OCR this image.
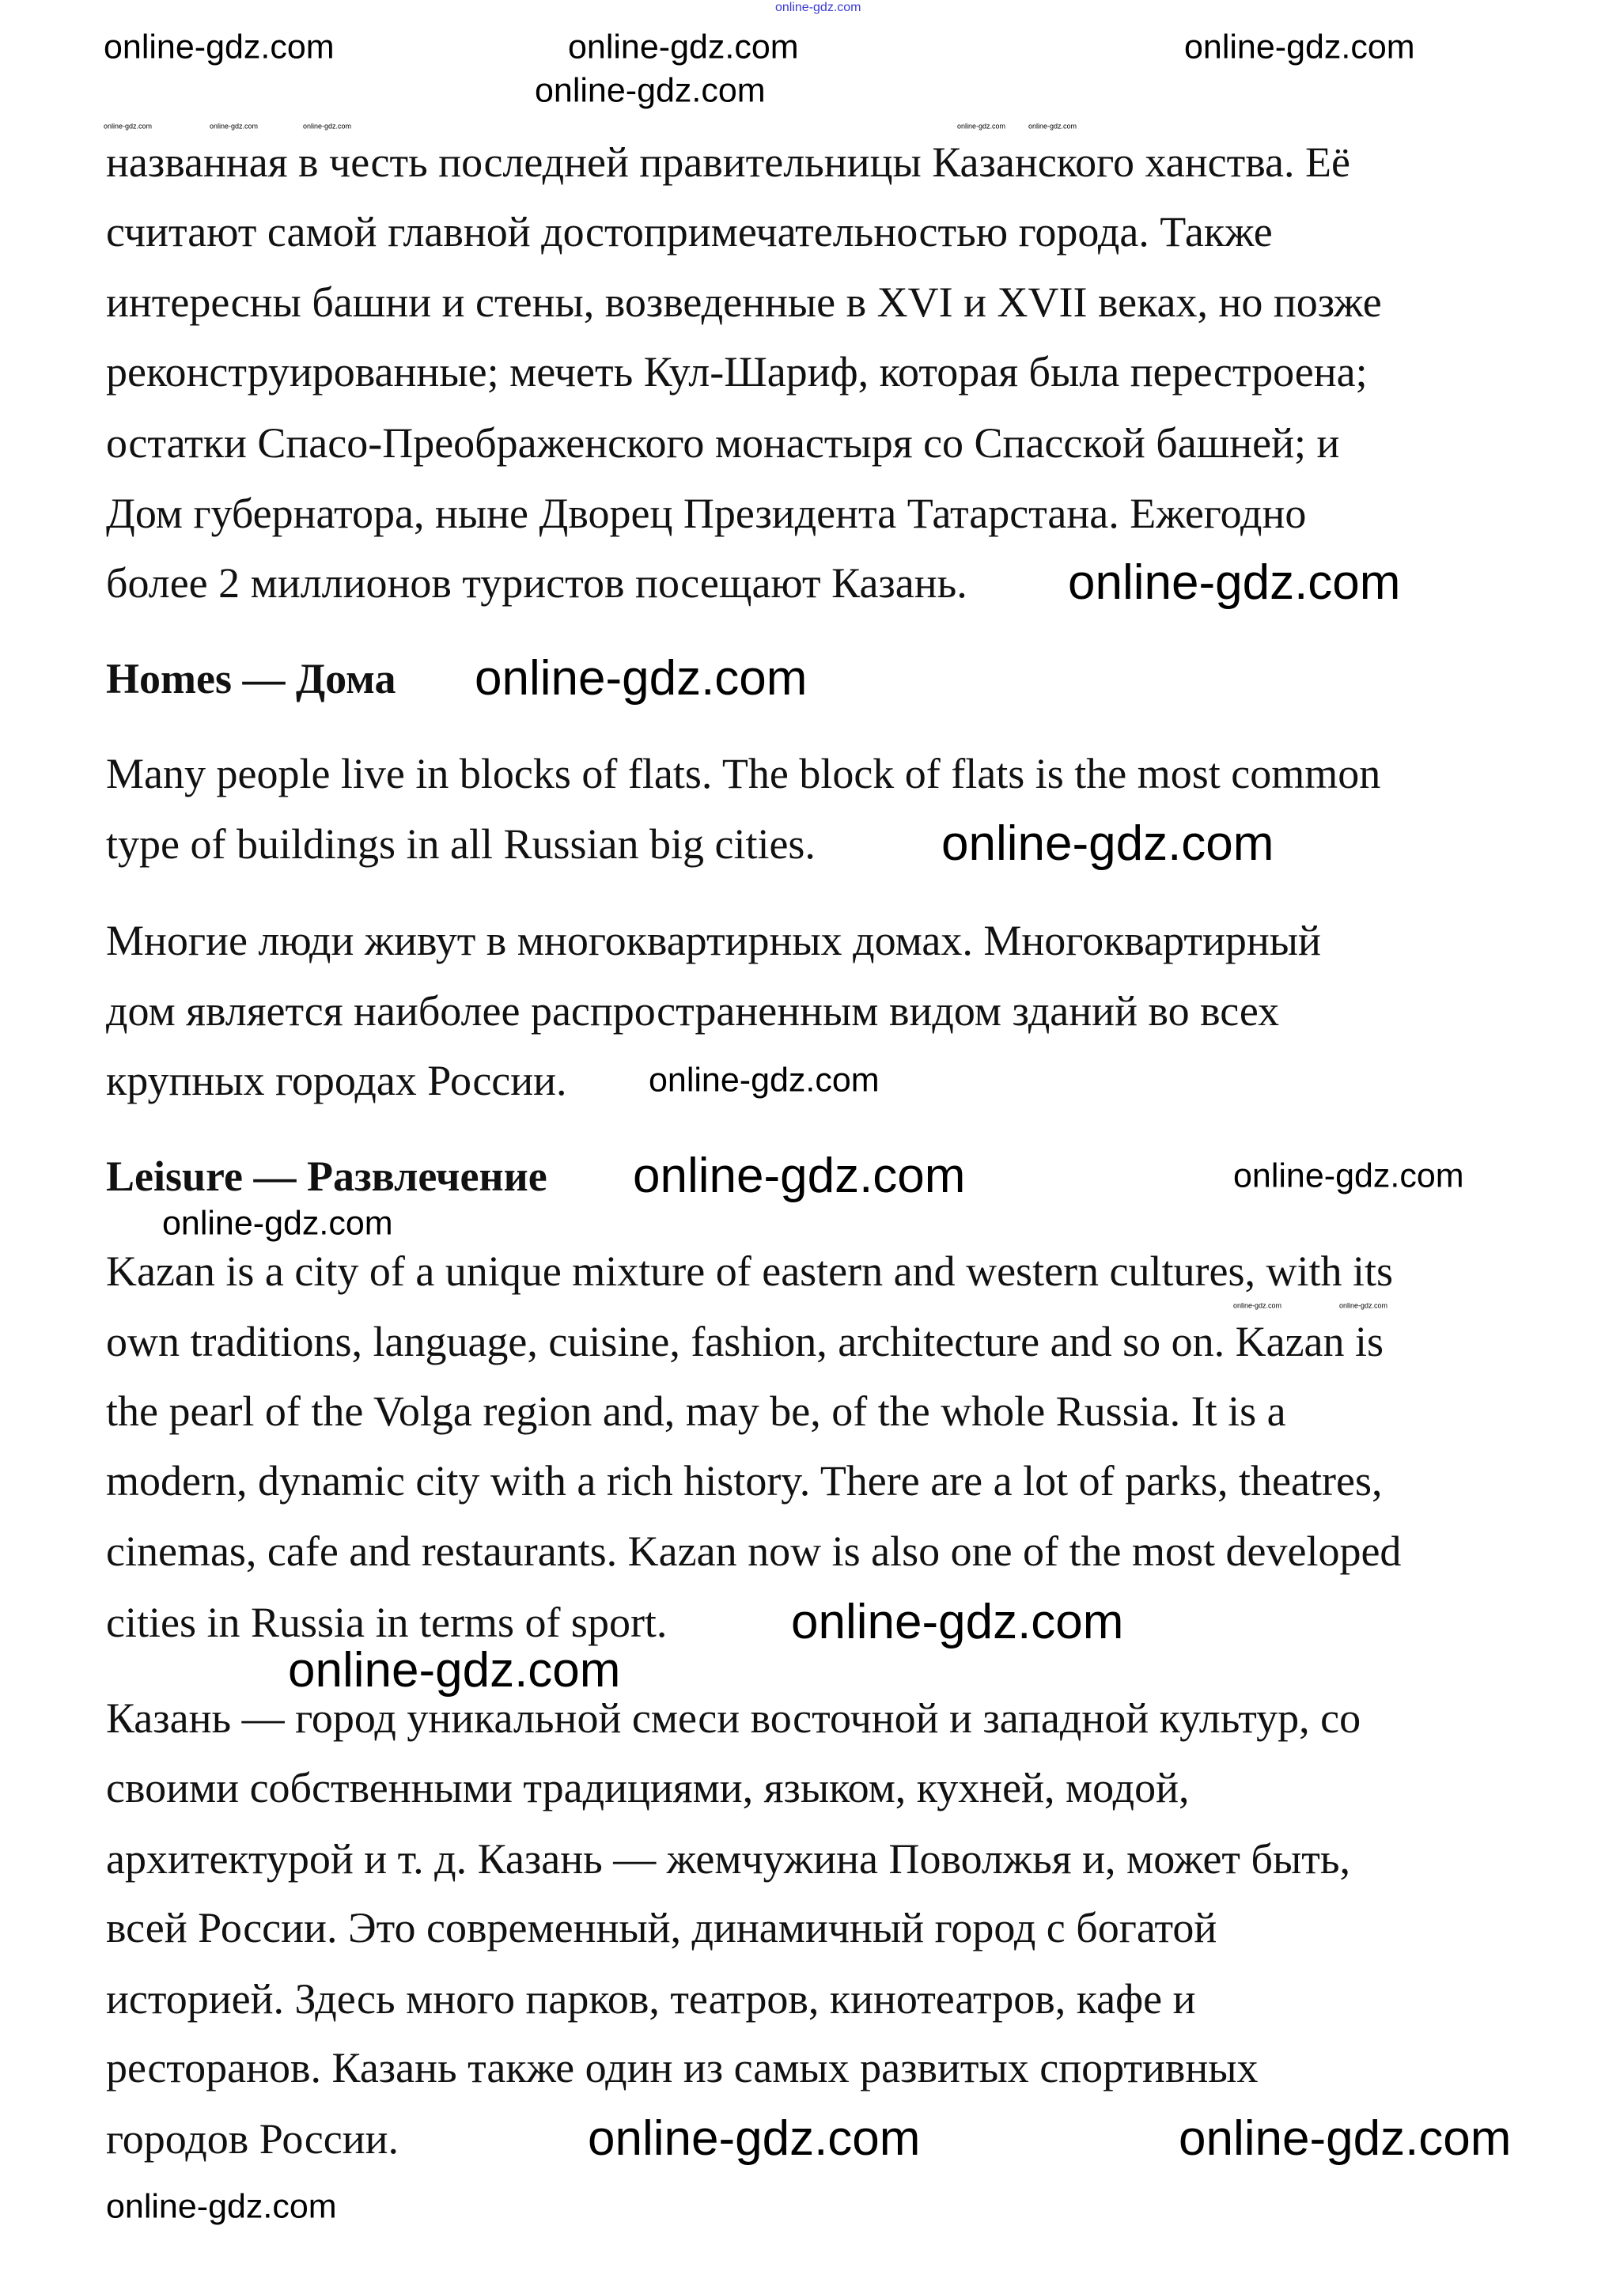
названная в честь последней правительницы Казанского ханства. Её
считают самой главной достопримечательностью города. Также
интересны башни и стены, возведенные в XVI и XVII веках, но позже
реконструированные; мечеть Кул-Шариф, которая была перестроена;
остатки Спасо-Преображенского монастыря со Спасской башней; и
Дом губернатора, ныне Дворец Президента Татарстана. Ежегодно
более 2 миллионов туристов посещают Казань.
Homes — Дома
Many people live in blocks of flats. The block of flats is the most common
type of buildings in all Russian big cities.
Многие люди живут в многоквартирных домах. Многоквартирный
дом является наиболее распространенным видом зданий во всех
крупных городах России.
Leisure — Развлечение
Kazan is a city of a unique mixture of eastern and western cultures, with its
own traditions, language, cuisine, fashion, architecture and so on. Kazan is
the pearl of the Volga region and, may be, of the whole Russia. It is a
modern, dynamic city with a rich history. There are a lot of parks, theatres,
cinemas, cafe and restaurants. Kazan now is also one of the most developed
cities in Russia in terms of sport.
Казань — город уникальной смеси восточной и западной культур, со
своими собственными традициями, языком, кухней, модой,
архитектурой и т. д. Казань — жемчужина Поволжья и, может быть,
всей России. Это современный, динамичный город с богатой
историей. Здесь много парков, театров, кинотеатров, кафе и
ресторанов. Казань также один из самых развитых спортивных
городов России.
online-gdz.com
online-gdz.com	online-gdz.com	online-gdz.com
online-gdz.com
online-gdz.com	online-gdz.com	online-gdz.com	online-gdz.com	online-gdz.com
online-gdz.com
online-gdz.com
online-gdz.com
online-gdz.com
online-gdz.com	online-gdz.com
online-gdz.com
online-gdz.com	online-gdz.com
online-gdz.com
online-gdz.com
online-gdz.com	online-gdz.com
online-gdz.com
